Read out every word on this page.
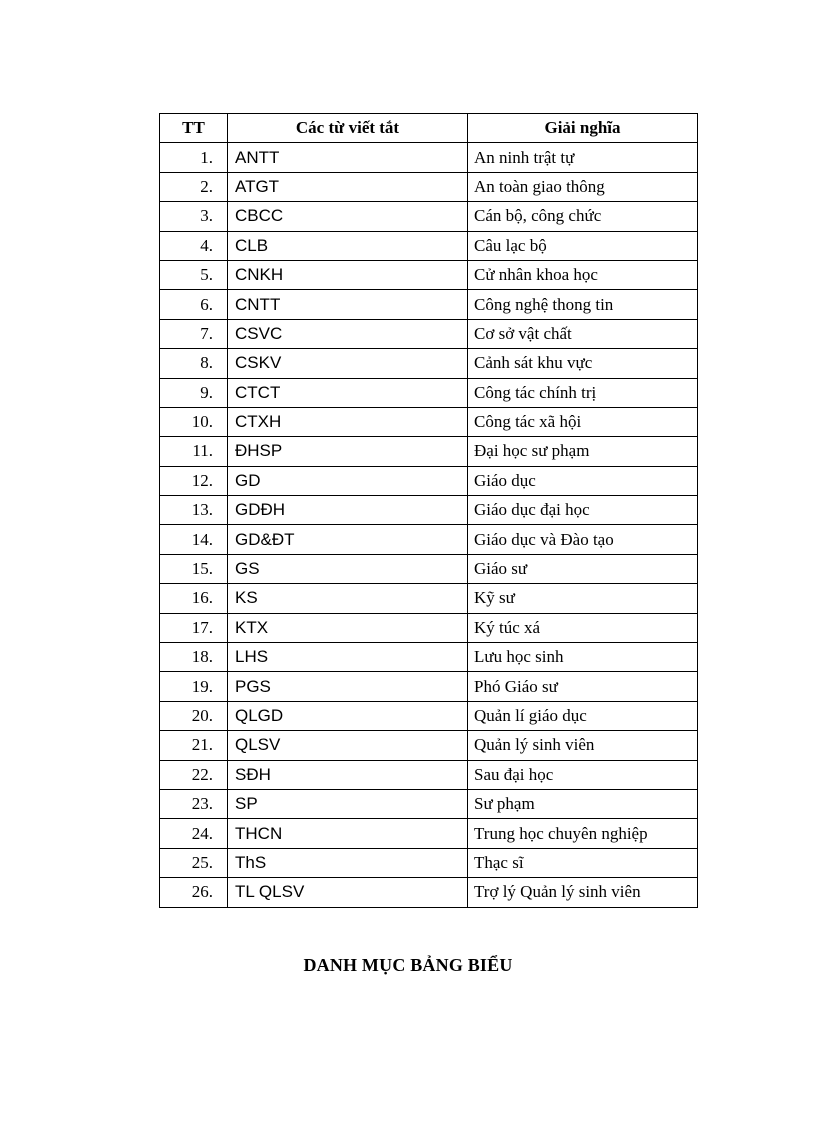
TT	Các từ viết tắt	Giải nghĩa
1.	ANTT	An ninh trật tự
2.	ATGT	An toàn giao thông
3.	CBCC	Cán bộ, công chức
4.	CLB	Câu lạc bộ
5.	CNKH	Cử nhân khoa học
6.	CNTT	Công nghệ thong tin
7.	CSVC	Cơ sở vật chất
8.	CSKV	Cảnh sát khu vực
9.	CTCT	Công tác chính trị
10.	CTXH	Công tác xã hội
11.	ĐHSP	Đại học sư phạm
12.	GD	Giáo dục
13.	GDĐH	Giáo dục đại học
14.	GD&ĐT	Giáo dục và Đào tạo
15.	GS	Giáo sư
16.	KS	Kỹ sư
17.	KTX	Ký túc xá
18.	LHS	Lưu học sinh
19.	PGS	Phó Giáo sư
20.	QLGD	Quản lí giáo dục
21.	QLSV	Quản lý sinh viên
22.	SĐH	Sau đại học
23.	SP	Sư phạm
24.	THCN	Trung học chuyên nghiệp
25.	ThS	Thạc sĩ
26.	TL QLSV	Trợ lý Quản lý sinh viên
DANH MỤC BẢNG BIỂU
